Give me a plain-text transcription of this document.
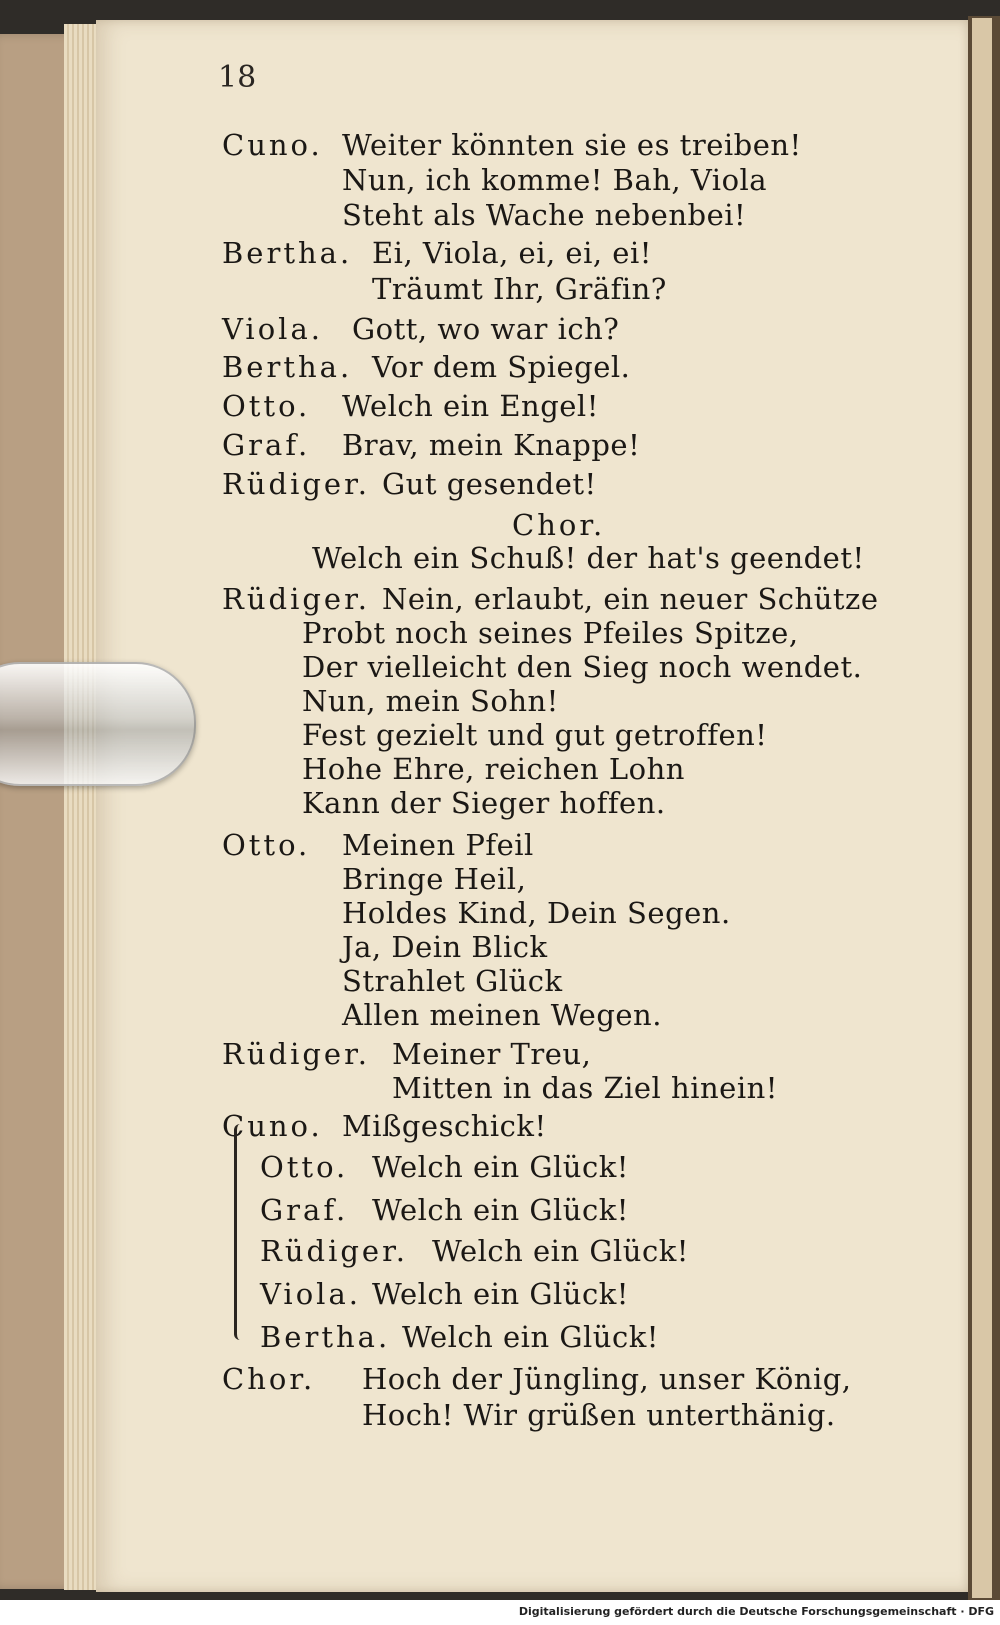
18
Cuno. Weiter könnten sie es treiben!
Nun, ich komme! Bah, Viola
Steht als Wache nebenbei!
Bertha. Ei, Viola, ei, ei, ei!
Träumt Ihr, Gräfin?
Viola. Gott, wo war ich?
Bertha. Vor dem Spiegel.
Otto. Welch ein Engel!
Graf. Brav, mein Knappe!
Rüdiger. Gut gesendet!
Chor.
Welch ein Schuß! der hat's geendet!
Rüdiger. Nein, erlaubt, ein neuer Schütze
Probt noch seines Pfeiles Spitze,
Der vielleicht den Sieg noch wendet.
Nun, mein Sohn!
Fest gezielt und gut getroffen!
Hohe Ehre, reichen Lohn
Kann der Sieger hoffen.
Otto. Meinen Pfeil
Bringe Heil,
Holdes Kind, Dein Segen.
Ja, Dein Blick
Strahlet Glück
Allen meinen Wegen.
Rüdiger. Meiner Treu,
Mitten in das Ziel hinein!
Cuno. Mißgeschick!
Otto. Welch ein Glück!
Graf. Welch ein Glück!
Rüdiger. Welch ein Glück!
Viola. Welch ein Glück!
Bertha. Welch ein Glück!
Chor. Hoch der Jüngling, unser König,
Hoch! Wir grüßen unterthänig.
Digitalisierung gefördert durch die Deutsche Forschungsgemeinschaft · DFG
